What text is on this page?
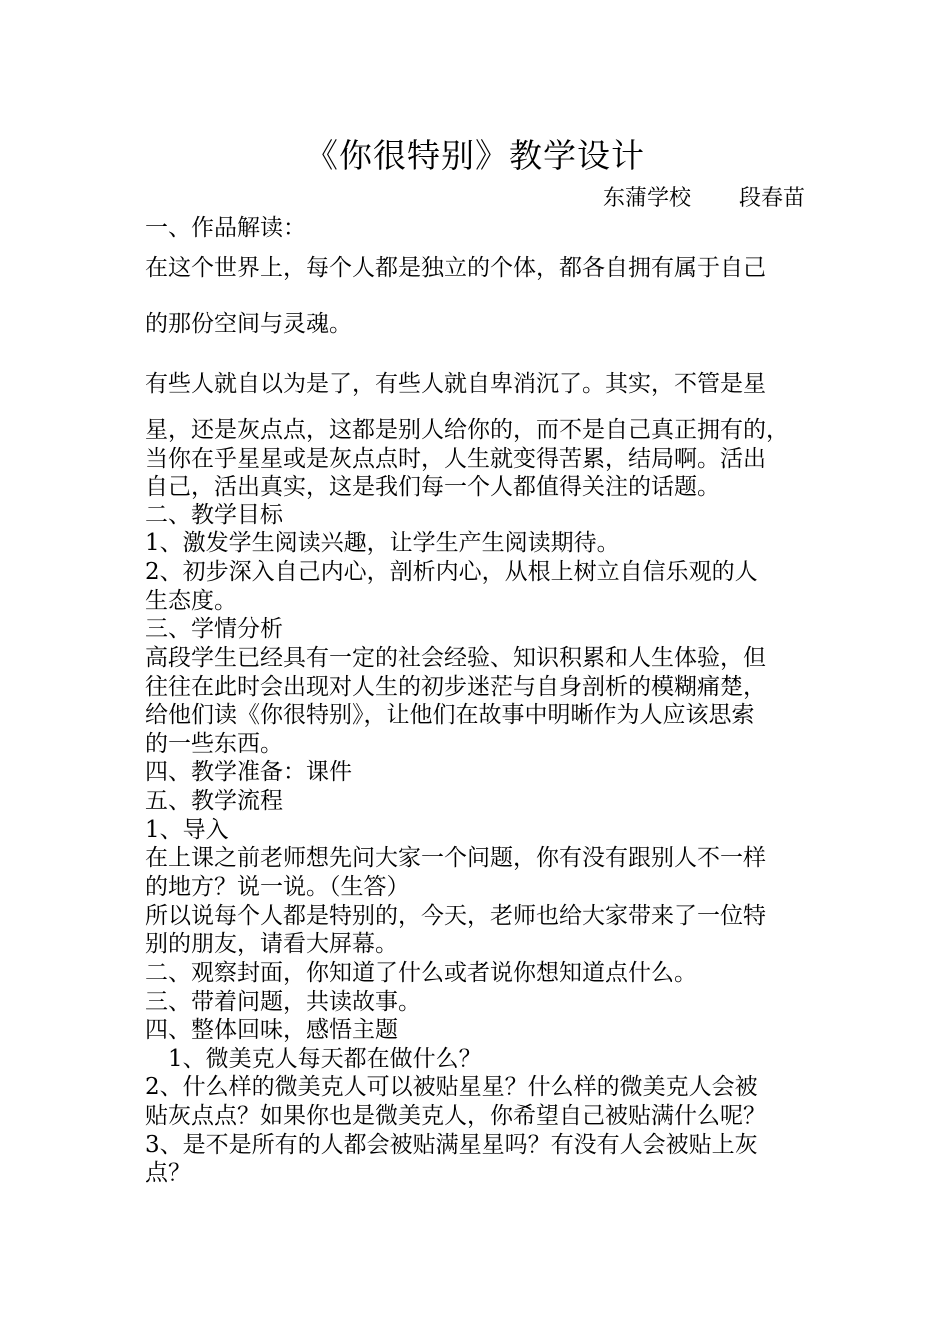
《你很特别》教学设计
东蒲学校 段春苗
一、作品解读：
在这个世界上，每个人都是独立的个体，都各自拥有属于自己
的那份空间与灵魂。
有些人就自以为是了，有些人就自卑消沉了。其实，不管是星
星，还是灰点点，这都是别人给你的，而不是自己真正拥有的，
当你在乎星星或是灰点点时，人生就变得苦累，结局啊。活出
自己，活出真实，这是我们每一个人都值得关注的话题。
二、教学目标
1、激发学生阅读兴趣，让学生产生阅读期待。
2、初步深入自己内心，剖析内心，从根上树立自信乐观的人
生态度。
三、学情分析
高段学生已经具有一定的社会经验、知识积累和人生体验，但
往往在此时会出现对人生的初步迷茫与自身剖析的模糊痛楚，
给他们读《你很特别》，让他们在故事中明晰作为人应该思索
的一些东西。
四、教学准备：课件
五、教学流程
1、导入
在上课之前老师想先问大家一个问题，你有没有跟别人不一样
的地方？说一说。（生答）
所以说每个人都是特别的，今天，老师也给大家带来了一位特
别的朋友，请看大屏幕。
二、观察封面，你知道了什么或者说你想知道点什么。
三、带着问题，共读故事。
四、整体回味，感悟主题
　1、微美克人每天都在做什么？
2、什么样的微美克人可以被贴星星？什么样的微美克人会被
贴灰点点？如果你也是微美克人，你希望自己被贴满什么呢？
3、是不是所有的人都会被贴满星星吗？有没有人会被贴上灰
点？
